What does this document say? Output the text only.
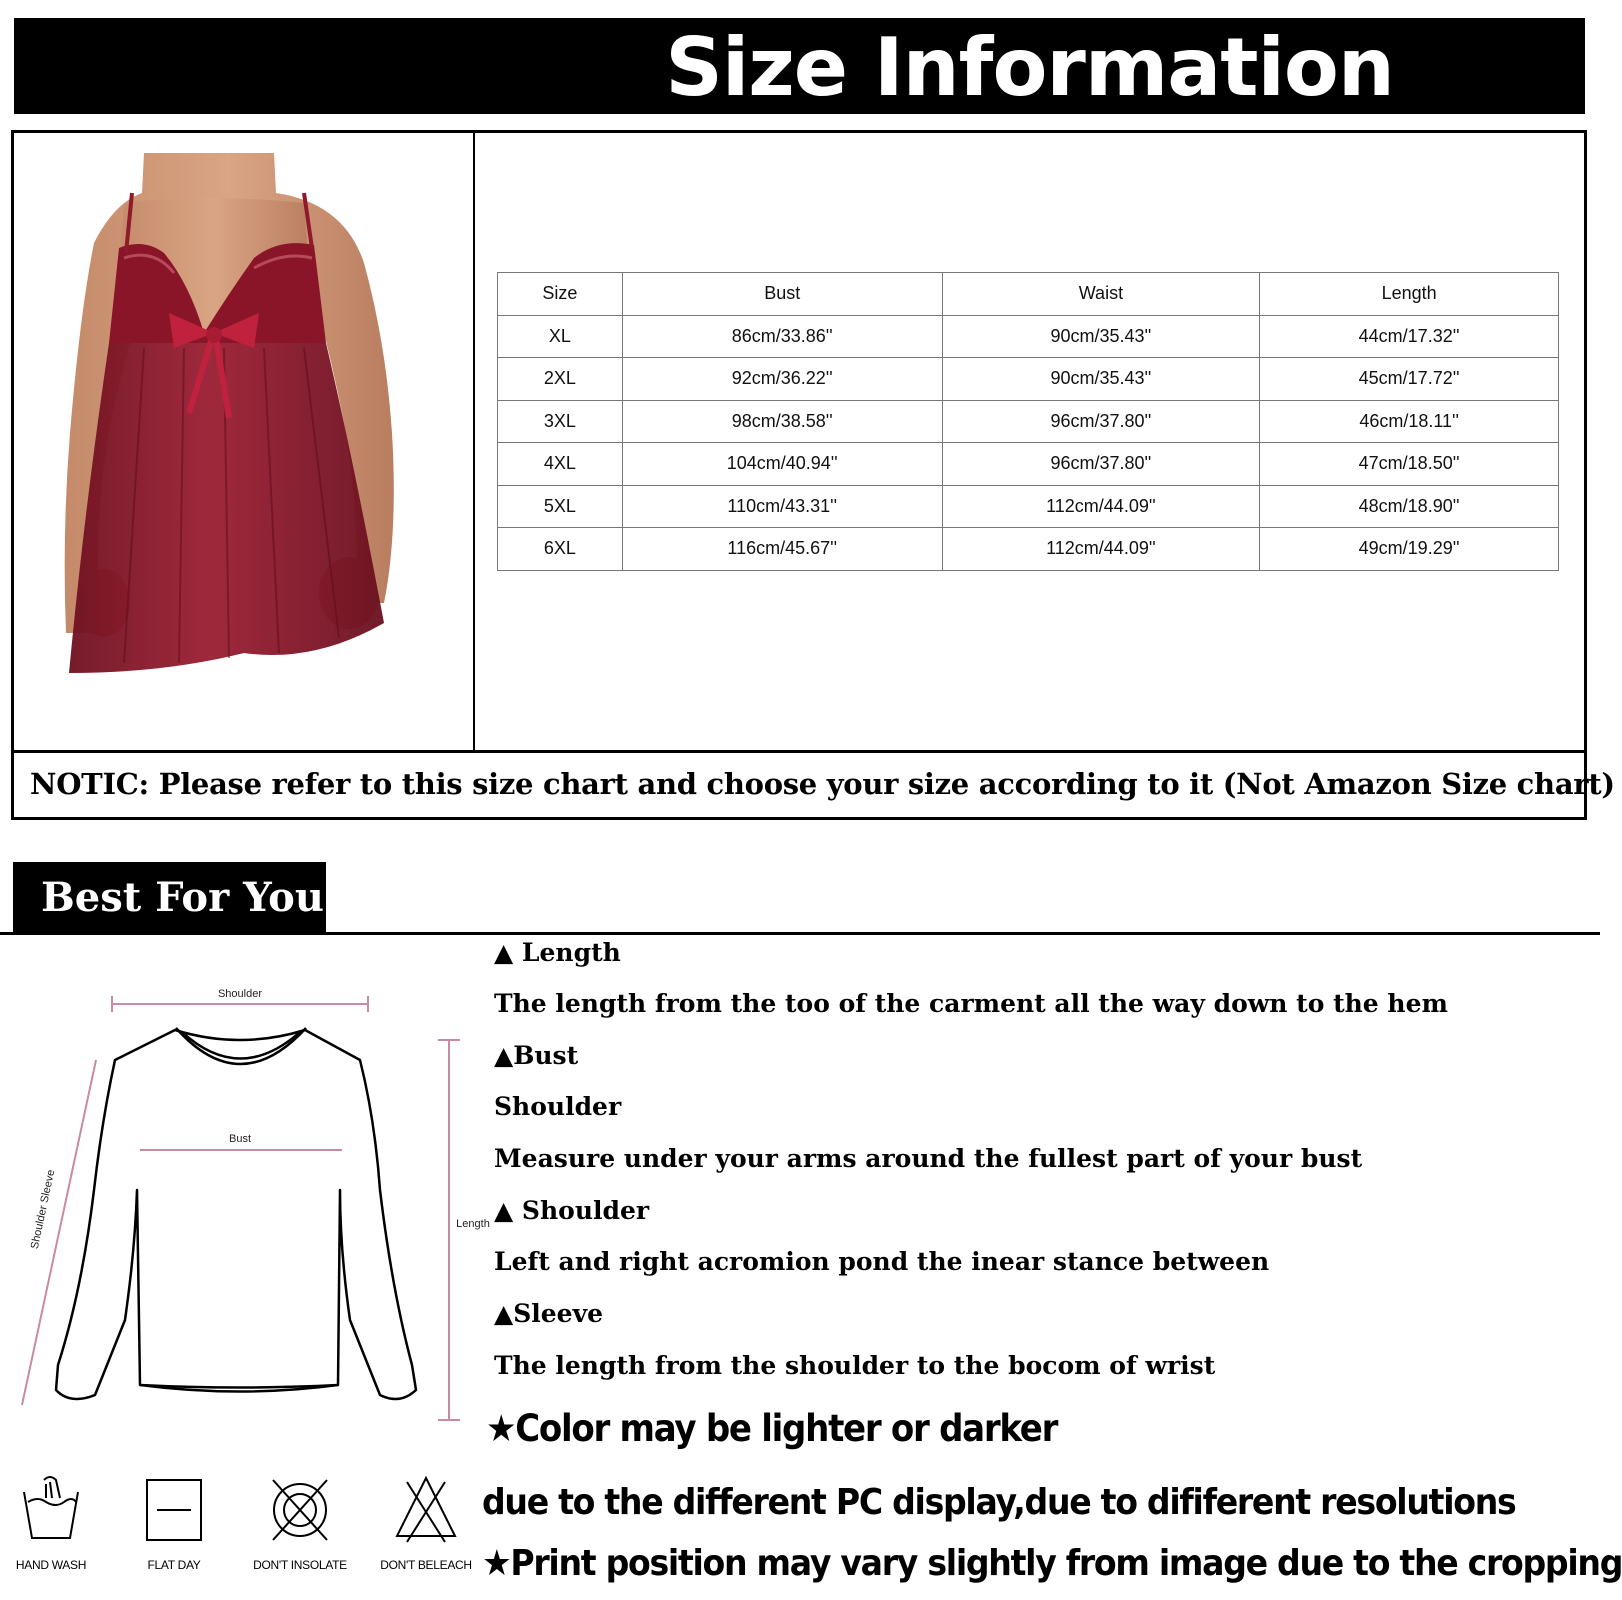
Size Information
NOTIC: Please refer to this size chart and choose your size according to it (Not Amazon Size chart)
Size	Bust	Waist	Length
XL	86cm/33.86''	90cm/35.43''	44cm/17.32''
2XL	92cm/36.22''	90cm/35.43''	45cm/17.72''
3XL	98cm/38.58''	96cm/37.80''	46cm/18.11''
4XL	104cm/40.94''	96cm/37.80''	47cm/18.50''
5XL	110cm/43.31''	112cm/44.09''	48cm/18.90''
6XL	116cm/45.67''	112cm/44.09''	49cm/19.29''
Best For You
Shoulder
Bust
Length
Shoulder Sleeve
▲ Length
The length from the too of the carment all the way down to the hem
▲Bust
Shoulder
Measure under your arms around the fullest part of your bust
▲ Shoulder
Left and right acromion pond the inear stance between
▲Sleeve
The length from the shoulder to the bocom of wrist
★Color may be lighter or darker
due to the different PC display,due to dififerent resolutions
★Print position may vary slightly from image due to the cropping
HAND WASH	FLAT DAY	DON'T INSOLATE	DON'T BELEACH
